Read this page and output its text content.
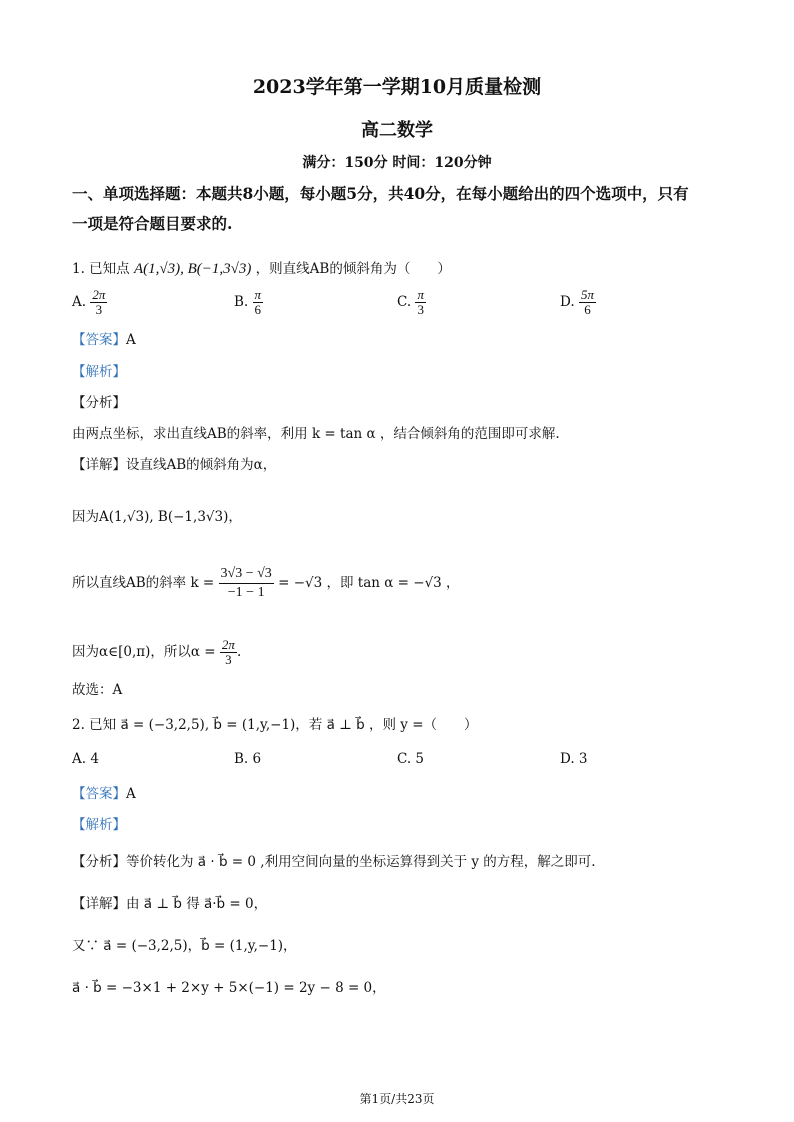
2023学年第一学期10月质量检测
高二数学
满分：150分 时间：120分钟
一、单项选择题：本题共8小题，每小题5分，共40分，在每小题给出的四个选项中，只有
一项是符合题目要求的.
1. 已知点 A(1,√3), B(−1,3√3) ，则直线AB的倾斜角为（　　）
A. $\frac{2\pi}{3}$	B. $\frac{\pi}{6}$	C. $\frac{\pi}{3}$	D. $\frac{5\pi}{6}$
【答案】A
【解析】
【分析】
由两点坐标，求出直线AB的斜率，利用 k = tan α ，结合倾斜角的范围即可求解.
【详解】设直线AB的倾斜角为α，
因为A(1,√3), B(−1,3√3)，
所以直线AB的斜率 $k = \frac{3√3 - √3}{-1 - 1} = -√3$ ，即 tan α = −√3 ，
因为α∈[0,π)，所以$\alpha = \frac{2\pi}{3}$ .
故选：A
2. 已知 a⃗ = (−3,2,5), b⃗ = (1,y,−1)，若 a⃗ ⊥ b⃗ ，则 y =（　　）
A. 4	B. 6	C. 5	D. 3
【答案】A
【解析】
【分析】等价转化为 a⃗ · b⃗ = 0 ,利用空间向量的坐标运算得到关于 y 的方程，解之即可.
【详解】由 a⃗ ⊥ b⃗ 得 a⃗·b⃗ = 0，
又∵ a⃗ = (−3,2,5)，b⃗ = (1,y,−1)，
a⃗ · b⃗ = −3×1 + 2×y + 5×(−1) = 2y − 8 = 0，
第1页/共23页
